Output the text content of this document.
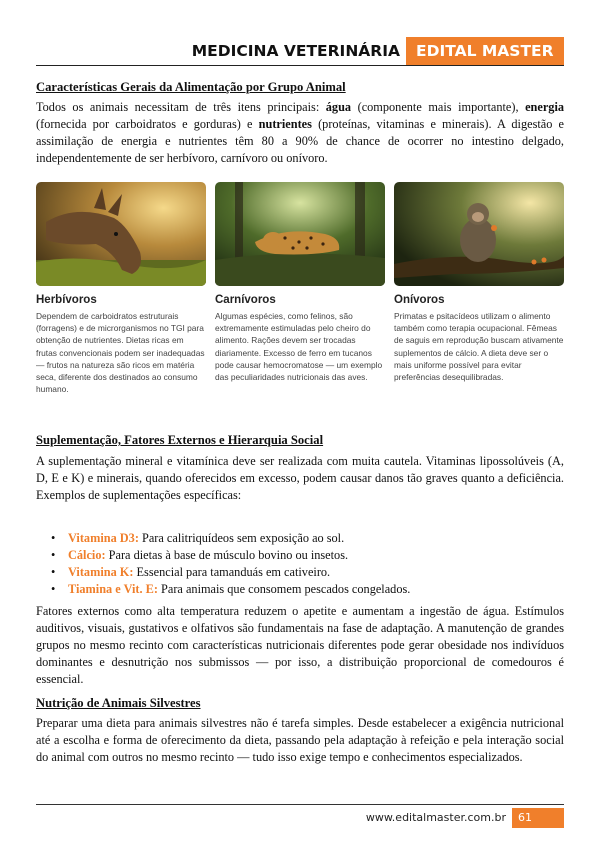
MEDICINA VETERINÁRIA	EDITAL MASTER
Características Gerais da Alimentação por Grupo Animal
Todos os animais necessitam de três itens principais: água (componente mais importante), energia (fornecida por carboidratos e gorduras) e nutrientes (proteínas, vitaminas e minerais). A digestão e assimilação de energia e nutrientes têm 80 a 90% de chance de ocorrer no intestino delgado, independentemente de ser herbívoro, carnívoro ou onívoro.
Herbívoros
Dependem de carboidratos estruturais (forragens) e de microrganismos no TGI para obtenção de nutrientes. Dietas ricas em frutas convencionais podem ser inadequadas — frutos na natureza são ricos em matéria seca, diferente dos destinados ao consumo humano.
Carnívoros
Algumas espécies, como felinos, são extremamente estimuladas pelo cheiro do alimento. Rações devem ser trocadas diariamente. Excesso de ferro em tucanos pode causar hemocromatose — um exemplo das peculiaridades nutricionais das aves.
Onívoros
Primatas e psitacídeos utilizam o alimento também como terapia ocupacional. Fêmeas de saguis em reprodução buscam ativamente suplementos de cálcio. A dieta deve ser o mais uniforme possível para evitar preferências desequilibradas.
Suplementação, Fatores Externos e Hierarquia Social
A suplementação mineral e vitamínica deve ser realizada com muita cautela. Vitaminas lipossolúveis (A, D, E e K) e minerais, quando oferecidos em excesso, podem causar danos tão graves quanto a deficiência. Exemplos de suplementações específicas:
• Vitamina D3: Para calitriquídeos sem exposição ao sol.
• Cálcio: Para dietas à base de músculo bovino ou insetos.
• Vitamina K: Essencial para tamanduás em cativeiro.
• Tiamina e Vit. E: Para animais que consomem pescados congelados.
Fatores externos como alta temperatura reduzem o apetite e aumentam a ingestão de água. Estímulos auditivos, visuais, gustativos e olfativos são fundamentais na fase de adaptação. A manutenção de grandes grupos no mesmo recinto com características nutricionais diferentes pode gerar obesidade nos indivíduos dominantes e desnutrição nos submissos — por isso, a distribuição proporcional de comedouros é essencial.
Nutrição de Animais Silvestres
Preparar uma dieta para animais silvestres não é tarefa simples. Desde estabelecer a exigência nutricional até a escolha e forma de oferecimento da dieta, passando pela adaptação à refeição e pela interação social do animal com outros no mesmo recinto — tudo isso exige tempo e conhecimentos especializados.
www.editalmaster.com.br	61
